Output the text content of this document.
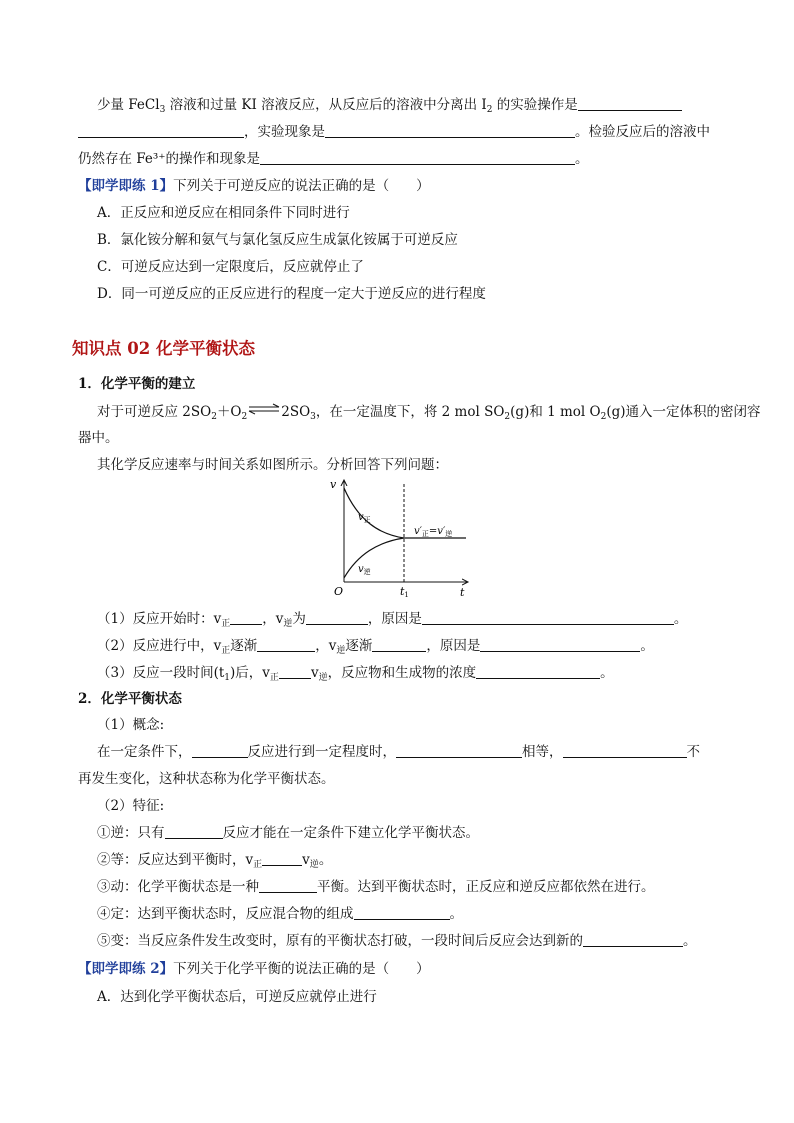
少量 FeCl$_3$ 溶液和过量 KI 溶液反应，从反应后的溶液中分离出 $I_2$ 的实验操作是
，实验现象是	。检验反应后的溶液中
仍然存在 Fe³⁺的操作和现象是	。
【即学即练 1】下列关于可逆反应的说法正确的是（　　）
A．正反应和逆反应在相同条件下同时进行
B．氯化铵分解和氨气与氯化氢反应生成氯化铵属于可逆反应
C．可逆反应达到一定限度后，反应就停止了
D．同一可逆反应的正反应进行的程度一定大于逆反应的进行程度
知识点 02 化学平衡状态
1．化学平衡的建立
对于可逆反应 $2SO_2+O_2$ $\rightleftharpoons 2SO_3$，在一定温度下，将 2 mol $SO_2(g)$和 1 mol $O_2(g)$通入一定体积的密闭容
器中。
其化学反应速率与时间关系如图所示。分析回答下列问题：
v
t
O	t1
$v_正$
$v_逆$
$v'_正=v'_逆$
（1）反应开始时：$v_正$ ，$v_逆$为	，原因是	。
（2）反应进行中，$v_正$逐渐	，$v_逆$逐渐	，原因是	。
（3）反应一段时间$(t_1)$后，$v_正$ $v_逆$，反应物和生成物的浓度	。
2．化学平衡状态
（1）概念:
在一定条件下，	反应进行到一定程度时，	相等，	不
再发生变化，这种状态称为化学平衡状态。
（2）特征:
①逆：只有	反应才能在一定条件下建立化学平衡状态。
②等：反应达到平衡时，$v_正$	$v_逆$。
③动：化学平衡状态是一种	平衡。达到平衡状态时，正反应和逆反应都依然在进行。
④定：达到平衡状态时，反应混合物的组成	。
⑤变：当反应条件发生改变时，原有的平衡状态打破，一段时间后反应会达到新的	。
【即学即练 2】下列关于化学平衡的说法正确的是（　　）
A．达到化学平衡状态后，可逆反应就停止进行
